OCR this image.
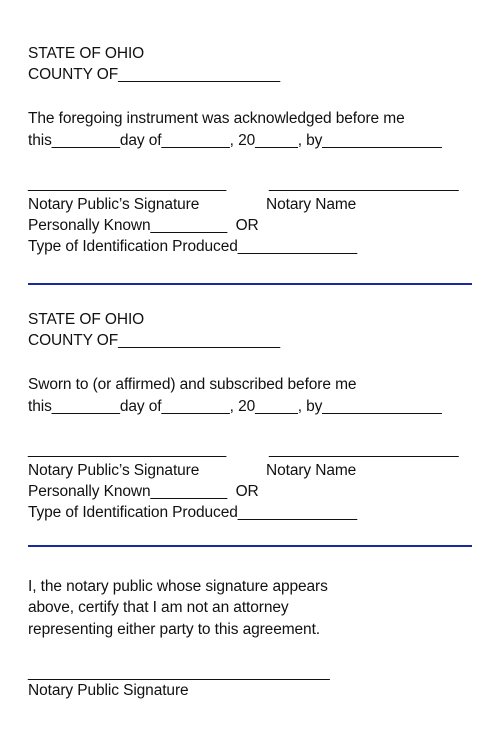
STATE OF OHIO
COUNTY OF___________________
The foregoing instrument was acknowledged before me
this________day of________, 20_____, by______________
_______________________	______________________
Notary Public’s Signature	Notary Name
Personally Known_________  OR
Type of Identification Produced______________
STATE OF OHIO
COUNTY OF___________________
Sworn to (or affirmed) and subscribed before me
this________day of________, 20_____, by______________
_______________________	______________________
Notary Public’s Signature	Notary Name
Personally Known_________  OR
Type of Identification Produced______________
I, the notary public whose signature appears
above, certify that I am not an attorney
representing either party to this agreement.
___________________________________
Notary Public Signature
